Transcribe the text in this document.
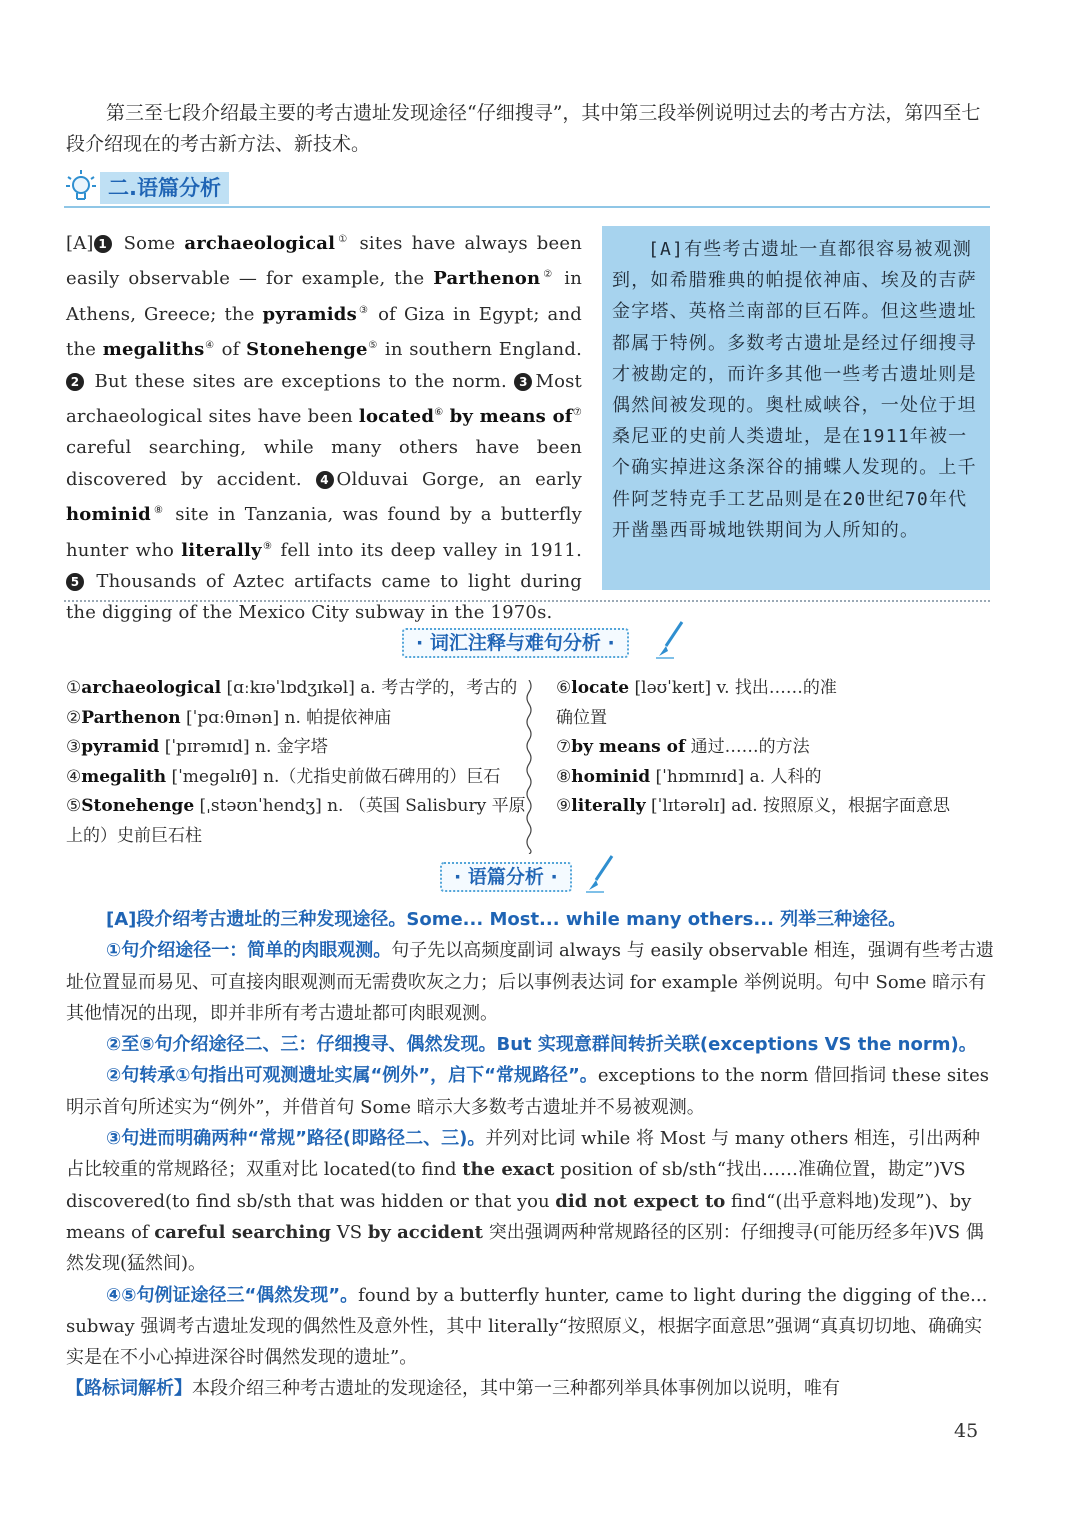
第三至七段介绍最主要的考古遗址发现途径“仔细搜寻”，其中第三段举例说明过去的考古方法，第四至七段介绍现在的考古新方法、新技术。

二.语篇分析

[A] 1 Some archaeological① sites have always been easily observable — for example, the Parthenon② in Athens, Greece; the pyramids③ of Giza in Egypt; and the megaliths④ of Stonehenge⑤ in southern England. 2 But these sites are exceptions to the norm. 3 Most archaeological sites have been located⑥ by means of⑦ careful searching, while many others have been discovered by accident. 4 Olduvai Gorge, an early hominid⑧ site in Tanzania, was found by a butterfly hunter who literally⑨ fell into its deep valley in 1911. 5 Thousands of Aztec artifacts came to light during the digging of the Mexico City subway in the 1970s.

[A]有些考古遗址一直都很容易被观测到，如希腊雅典的帕提依神庙、埃及的吉萨金字塔、英格兰南部的巨石阵。但这些遗址都属于特例。多数考古遗址是经过仔细搜寻才被勘定的，而许多其他一些考古遗址则是偶然间被发现的。奥杜威峡谷，一处位于坦桑尼亚的史前人类遗址，是在1911年被一个确实掉进这条深谷的捕蝶人发现的。上千件阿芝特克手工艺品则是在20世纪70年代开凿墨西哥城地铁期间为人所知的。

· 词汇注释与难句分析 ·
①archaeological [ɑːkɪəˈlɒdʒɪkəl] a. 考古学的，考古的
②Parthenon [ˈpɑːθɪnən] n. 帕提依神庙
③pyramid [ˈpɪrəmɪd] n. 金字塔
④megalith [ˈmegəlɪθ] n.（尤指史前做石碑用的）巨石
⑤Stonehenge [ˌstəʊnˈhendʒ] n. （英国 Salisbury 平原
上的）史前巨石柱
⑥locate [ləʊˈkeɪt] v. 找出……的准
确位置
⑦by means of 通过……的方法
⑧hominid [ˈhɒmɪnɪd] a. 人科的
⑨literally [ˈlɪtərəlɪ] ad. 按照原义，根据字面意思
· 语篇分析 ·

[A]段介绍考古遗址的三种发现途径。Some... Most... while many others... 列举三种途径。

①句介绍途径一：简单的肉眼观测。句子先以高频度副词 always 与 easily observable 相连，强调有些考古遗址位置显而易见、可直接肉眼观测而无需费吹灰之力；后以事例表达词 for example 举例说明。句中 Some 暗示有其他情况的出现，即并非所有考古遗址都可肉眼观测。

②至⑤句介绍途径二、三：仔细搜寻、偶然发现。But 实现意群间转折关联(exceptions VS the norm)。

②句转承①句指出可观测遗址实属“例外”，启下“常规路径”。exceptions to the norm 借回指词 these sites 明示首句所述实为“例外”，并借首句 Some 暗示大多数考古遗址并不易被观测。

③句进而明确两种“常规”路径(即路径二、三)。并列对比词 while 将 Most 与 many others 相连，引出两种占比较重的常规路径；双重对比 located(to find the exact position of sb/sth“找出……准确位置，勘定”)VS discovered(to find sb/sth that was hidden or that you did not expect to find“(出乎意料地)发现”)、by means of careful searching VS by accident 突出强调两种常规路径的区别：仔细搜寻(可能历经多年)VS 偶然发现(猛然间)。

④⑤句例证途径三“偶然发现”。found by a butterfly hunter, came to light during the digging of the... subway 强调考古遗址发现的偶然性及意外性，其中 literally“按照原义，根据字面意思”强调“真真切切地、确确实实是在不小心掉进深谷时偶然发现的遗址”。

【路标词解析】本段介绍三种考古遗址的发现途径，其中第一三种都列举具体事例加以说明，唯有

45
